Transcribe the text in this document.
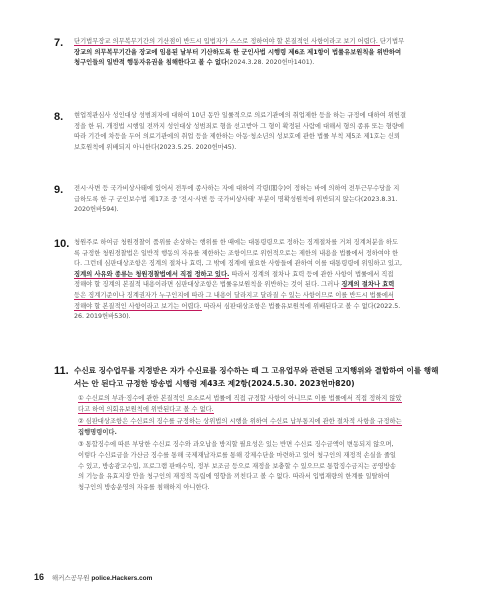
7. 단기법무장교 의무복무기간의 기산점이 반드시 입법자가 스스로 정하여야 할 본질적인 사항이라고 보기 어렵다. 단기법무
장교의 의무복무기간을 장교에 임용된 날부터 기산하도록 한 군인사법 시행령 제6조 제1항이 법률유보원칙을 위반하여
청구인들의 일반적 행동자유권을 침해한다고 볼 수 없다(2024.3.28. 2020헌마1401).
8. 현업적관심사 성인대상 성범죄자에 대하여 10년 동안 일률적으로 의료기관에의 취업제한 등을 하는 규정에 대하여 위헌결
정을 한 뒤, 개정법 시행일 전까지 성인대상 성범죄로 형을 선고받아 그 형이 확정된 사람에 대해서 형의 종류 또는 형량에
따라 기간에 차등을 두어 의료기관에의 취업 등을 제한하는 아동·청소년의 성보호에 관한 법률 부칙 제5조 제1호는 신뢰
보호원칙에 위배되지 아니한다(2023.5.25. 2020헌마45).
9. 전시·사변 등 국가비상사태에 있어서 전투에 종사하는 자에 대하여 각령(閣令)이 정하는 바에 의하여 전투근무수당을 지
급하도록 한 구 군인보수법 제17조 중 '전시·사변 등 국가비상사태' 부분이 명확성원칙에 위반되지 않는다(2023.8.31.
2020헌바594).
10. 청원주로 하여금 청원경찰이 품위를 손상하는 행위를 한 때에는 대통령령으로 정하는 징계절차를 거쳐 징계처분을 하도
록 규정한 청원경찰법은 일반적 행동의 자유를 제한하는 조항이므로 위헌적으로는 제한의 내용을 법률에서 정하여야 한
다. 그런데 심판대상조항은 징계의 절차나 효력, 그 밖에 징계에 필요한 사항들에 관하여 이를 대통령령에 위임하고 있고,
징계의 사유와 종류는 청원경찰법에서 직접 정하고 있다. 따라서 징계의 절차나 효력 등에 관한 사항이 법률에서 직접
정해야 할 징계의 본질적 내용이라면 심판대상조항은 법률유보원칙을 위반하는 것이 된다. 그러나 징계의 절차나 효력
등은 징계기준이나 징계권자가 누구인지에 따라 그 내용이 달라지고 달라질 수 있는 사항이므로 이를 반드시 법률에서
정해야 할 본질적인 사항이라고 보기는 어렵다. 따라서 심판대상조항은 법률유보원칙에 위배된다고 볼 수 없다(2022.5.
26. 2019헌바530).
11. 수신료 징수업무를 지정받은 자가 수신료를 징수하는 때 그 고유업무와 관련된 고지행위와 결합하여 이를 행해
서는 안 된다고 규정한 방송법 시행령 제43조 제2항(2024.5.30. 2023헌마820)
① 수신료의 부과·징수에 관한 본질적인 요소로서 법률에 직접 규정할 사항이 아니므로 이를 법률에서 직접 정하지 않았
다고 하여 의회유보원칙에 위반된다고 볼 수 없다.
② 심판대상조항은 수신료의 징수를 규정하는 상위법의 시행을 위하여 수신료 납부통지에 관한 절차적 사항을 규정하는
집행명령이다.
③ 통합징수에 따른 부당한 수신료 징수와 과오납을 방지할 필요성은 있는 반면 수신료 징수금액이 변동되지 않으며,
이렇다 수신료금을 가산금 징수를 통해 국제재납자로를 통해 강제수단을 마련하고 있어 청구인의 재정적 손실을 줄일
수 있고, 방송광고수입, 프로그램 판매수익, 정부 보조금 등으로 재정을 보충할 수 있으므로 통합징수금지는 공영방송
의 기능을 유효지장 안을 청구인의 재정적 독립에 영향을 끼친다고 볼 수 없다. 따라서 입법재량의 한계를 일탈하여
청구인의 방송운영의 자유를 침해하지 아니한다.
16 해커스공무원 police.Hackers.com
